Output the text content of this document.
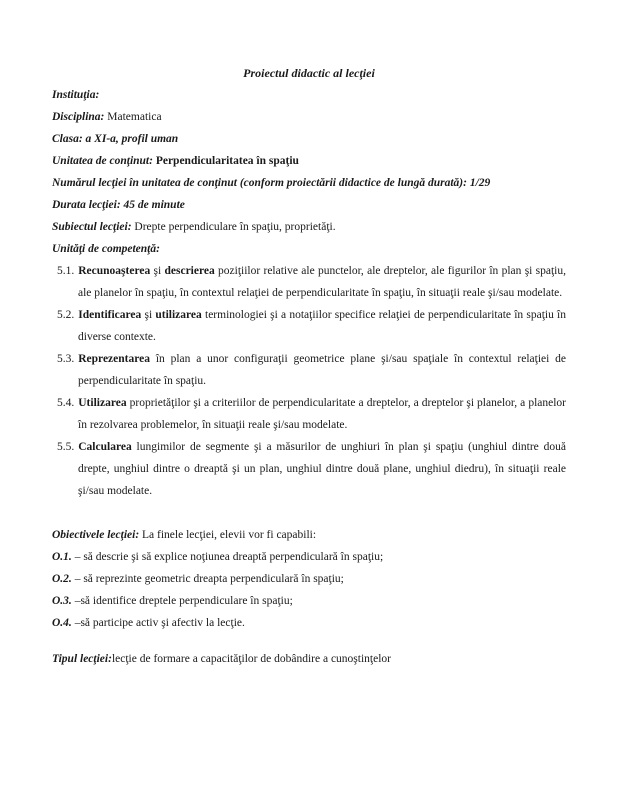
Proiectul didactic al lecţiei

Instituţia:

Disciplina: Matematica

Clasa: a XI-a, profil uman

Unitatea de conţinut: Perpendicularitatea în spaţiu

Numărul lecţiei în unitatea de conţinut (conform proiectării didactice de lungă durată): 1/29

Durata lecţiei: 45 de minute

Subiectul lecţiei: Drepte perpendiculare în spaţiu, proprietăţi.

Unităţi de competenţă:

5.1. Recunoaşterea şi descrierea poziţiilor relative ale punctelor, ale dreptelor, ale figurilor în plan şi spaţiu, ale planelor în spaţiu, în contextul relaţiei de perpendicularitate în spaţiu, în situaţii reale şi/sau modelate.

5.2. Identificarea şi utilizarea terminologiei şi a notaţiilor specifice relaţiei de perpendicularitate în spaţiu în diverse contexte.

5.3. Reprezentarea în plan a unor configuraţii geometrice plane şi/sau spaţiale în contextul relaţiei de perpendicularitate în spaţiu.

5.4. Utilizarea proprietăţilor şi a criteriilor de perpendicularitate a dreptelor, a dreptelor şi planelor, a planelor în rezolvarea problemelor, în situaţii reale şi/sau modelate.

5.5. Calcularea lungimilor de segmente şi a măsurilor de unghiuri în plan şi spaţiu (unghiul dintre două drepte, unghiul dintre o dreaptă şi un plan, unghiul dintre două plane, unghiul diedru), în situaţii reale şi/sau modelate.

Obiectivele lecţiei: La finele lecţiei, elevii vor fi capabili:

O.1. – să descrie şi să explice noţiunea dreaptă perpendiculară în spaţiu;

O.2. – să reprezinte geometric dreapta perpendiculară în spaţiu;

O.3. –să identifice dreptele perpendiculare în spaţiu;

O.4. –să participe activ şi afectiv la lecţie.

Tipul lecţiei:lecţie de formare a capacităţilor de dobândire a cunoştinţelor
